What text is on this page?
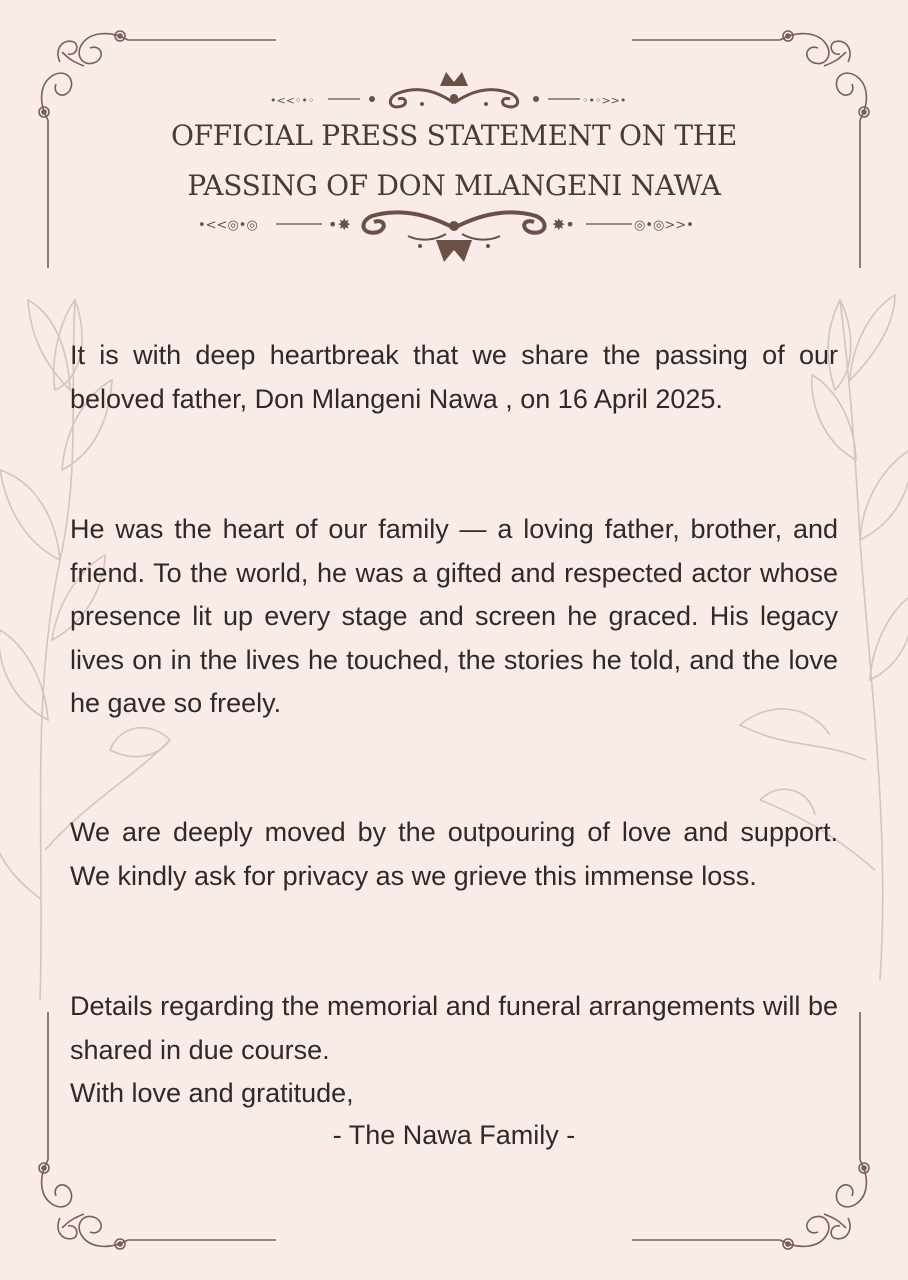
•<<◦•◦	◦•◦>>•
•<<◎•◎	◎•◎>>•
•✸	✸•
OFFICIAL PRESS STATEMENT ON THE
PASSING OF DON MLANGENI NAWA

It is with deep heartbreak that we share the passing of our beloved father, Don Mlangeni Nawa , on 16 April 2025.

He was the heart of our family — a loving father, brother, and friend. To the world, he was a gifted and respected actor whose presence lit up every stage and screen he graced. His legacy lives on in the lives he touched, the stories he told, and the love he gave so freely.

We are deeply moved by the outpouring of love and support. We kindly ask for privacy as we grieve this immense loss.

Details regarding the memorial and funeral arrangements will be shared in due course.

With love and gratitude,

- The Nawa Family -
